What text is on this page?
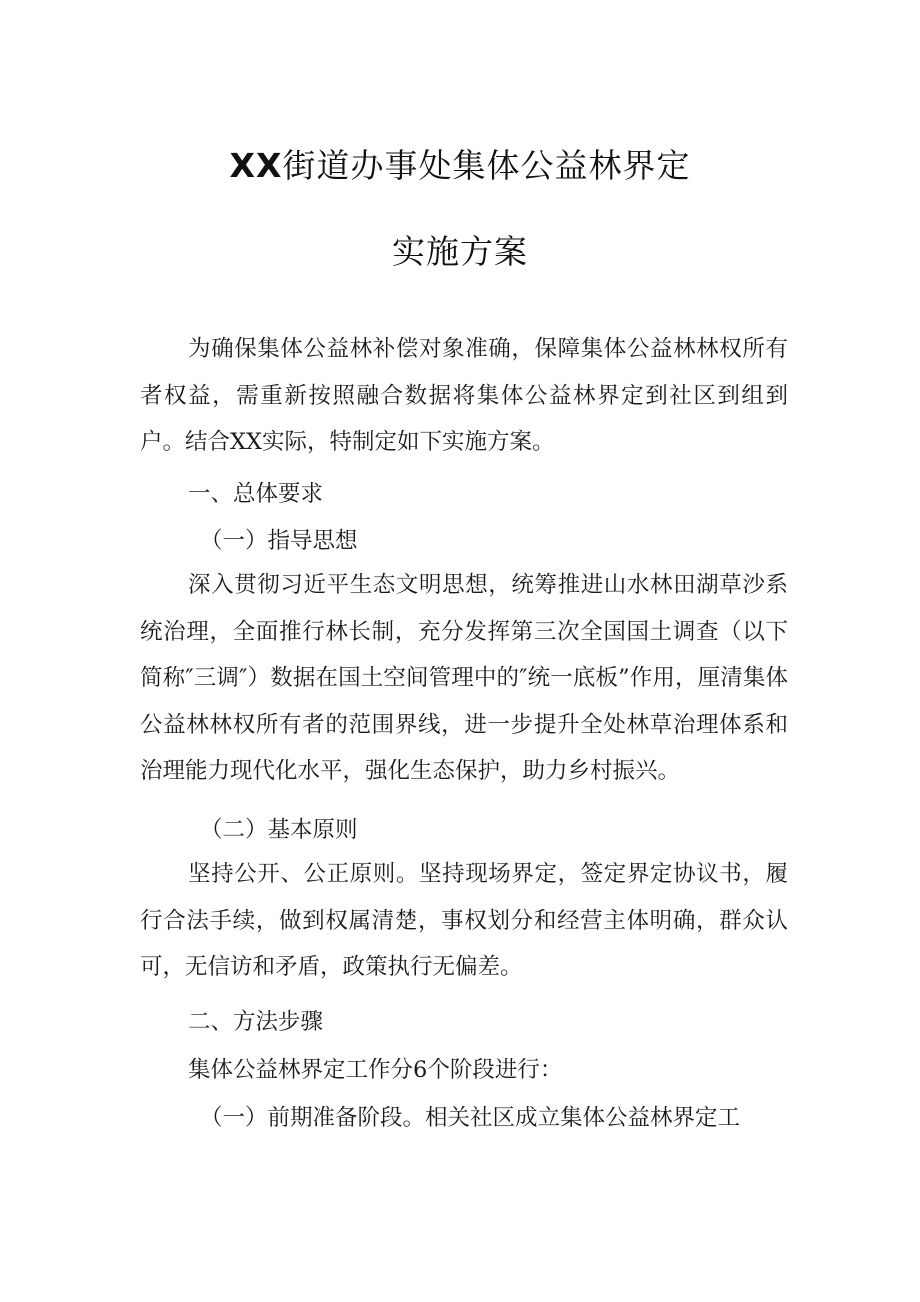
XX街道办事处集体公益林界定
实施方案

为确保集体公益林补偿对象准确，保障集体公益林林权所有者权益，需重新按照融合数据将集体公益林界定到社区到组到户。结合XX实际，特制定如下实施方案。

一、总体要求

（一）指导思想

深入贯彻习近平生态文明思想，统筹推进山水林田湖草沙系统治理，全面推行林长制，充分发挥第三次全国国土调查（以下简称″三调″）数据在国土空间管理中的″统一底板”作用，厘清集体公益林林权所有者的范围界线，进一步提升全处林草治理体系和治理能力现代化水平，强化生态保护，助力乡村振兴。

（二）基本原则

坚持公开、公正原则。坚持现场界定，签定界定协议书，履行合法手续，做到权属清楚，事权划分和经营主体明确，群众认可，无信访和矛盾，政策执行无偏差。

二、方法步骤

集体公益林界定工作分6个阶段进行：

（一）前期准备阶段。相关社区成立集体公益林界定工
